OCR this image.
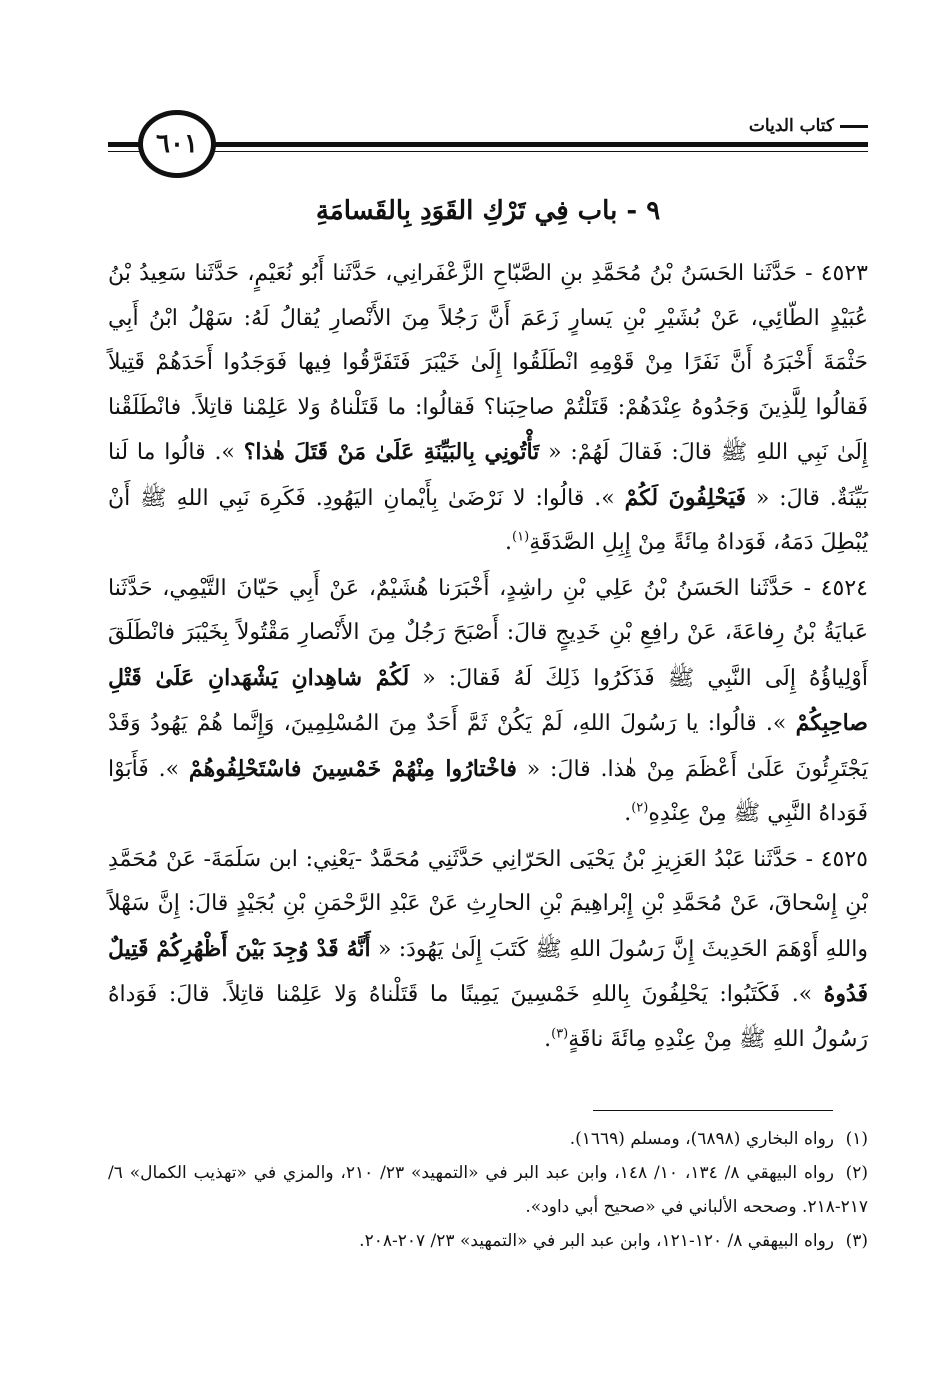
كتاب الديات
٦٠١
٩ - باب فِي تَرْكِ القَوَدِ بِالقَسامَةِ

٤٥٢٣ - حَدَّثَنا الحَسَنُ بْنُ مُحَمَّدِ بنِ الصَّبّاحِ الزَّعْفَرانِي، حَدَّثَنا أَبُو نُعَيْمٍ، حَدَّثَنا سَعِيدُ بْنُ عُبَيْدٍ الطّائِي، عَنْ بُشَيْرِ بْنِ يَسارٍ زَعَمَ أَنَّ رَجُلاً مِنَ الأَنْصارِ يُقالُ لَهُ: سَهْلُ ابْنُ أَبِي حَثْمَةَ أَخْبَرَهُ أَنَّ نَفَرًا مِنْ قَوْمِهِ انْطَلَقُوا إِلَىٰ خَيْبَرَ فَتَفَرَّقُوا فِيها فَوَجَدُوا أَحَدَهُمْ قَتِيلاً فَقالُوا لِلَّذِينَ وَجَدُوهُ عِنْدَهُمْ: قَتَلْتُمْ صاحِبَنا؟ فَقالُوا: ما قَتَلْناهُ وَلا عَلِمْنا قاتِلاً. فانْطَلَقْنا إِلَىٰ نَبِي اللهِ ﷺ قالَ: فَقالَ لَهُمْ: « تَأْتُونِي بِالبَيِّنَةِ عَلَىٰ مَنْ قَتَلَ هٰذا؟ ». قالُوا ما لَنا بَيِّنَةٌ. قالَ: « فَيَحْلِفُونَ لَكُمْ ». قالُوا: لا نَرْضَىٰ بِأَيْمانِ اليَهُودِ. فَكَرِهَ نَبِي اللهِ ﷺ أَنْ يُبْطِلَ دَمَهُ، فَوَداهُ مِائَةً مِنْ إِبِلِ الصَّدَقَةِ$^{(١)}$.

٤٥٢٤ - حَدَّثَنا الحَسَنُ بْنُ عَلِي بْنِ راشِدٍ، أَخْبَرَنا هُشَيْمٌ، عَنْ أَبِي حَيّانَ التَّيْمِي، حَدَّثَنا عَبايَةُ بْنُ رِفاعَةَ، عَنْ رافِعِ بْنِ خَدِيجٍ قالَ: أَصْبَحَ رَجُلٌ مِنَ الأَنْصارِ مَقْتُولاً بِخَيْبَرَ فانْطَلَقَ أَوْلِياؤُهُ إِلَى النَّبِي ﷺ فَذَكَرُوا ذَلِكَ لَهُ فَقالَ: « لَكُمْ شاهِدانِ يَشْهَدانِ عَلَىٰ قَتْلِ صاحِبِكُمْ ». قالُوا: يا رَسُولَ اللهِ، لَمْ يَكُنْ ثَمَّ أَحَدٌ مِنَ المُسْلِمِينَ، وَإِنَّما هُمْ يَهُودُ وَقَدْ يَجْتَرِئُونَ عَلَىٰ أَعْظَمَ مِنْ هٰذا. قالَ: « فاخْتارُوا مِنْهُمْ خَمْسِينَ فاسْتَحْلِفُوهُمْ ». فَأَبَوْا فَوَداهُ النَّبِي ﷺ مِنْ عِنْدِهِ$^{(٢)}$.

٤٥٢٥ - حَدَّثَنا عَبْدُ العَزِيزِ بْنُ يَحْيَى الحَرّانِي حَدَّثَنِي مُحَمَّدٌ -يَعْنِي: ابن سَلَمَةَ- عَنْ مُحَمَّدِ بْنِ إِسْحاقَ، عَنْ مُحَمَّدِ بْنِ إِبْراهِيمَ بْنِ الحارِثِ عَنْ عَبْدِ الرَّحْمَنِ بْنِ بُجَيْدٍ قالَ: إِنَّ سَهْلاً واللهِ أَوْهَمَ الحَدِيثَ إِنَّ رَسُولَ اللهِ ﷺ كَتَبَ إِلَىٰ يَهُودَ: « أَنَّهُ قَدْ وُجِدَ بَيْنَ أَظْهُرِكُمْ قَتِيلٌ فَدُوهُ ». فَكَتَبُوا: يَحْلِفُونَ بِاللهِ خَمْسِينَ يَمِينًا ما قَتَلْناهُ وَلا عَلِمْنا قاتِلاً. قالَ: فَوَداهُ رَسُولُ اللهِ ﷺ مِنْ عِنْدِهِ مِائَةَ ناقَةٍ$^{(٣)}$.

(١)رواه البخاري (٦٨٩٨)، ومسلم (١٦٦٩).

(٢)رواه البيهقي ٨/ ١٣٤، ١٠/ ١٤٨، وابن عبد البر في «التمهيد» ٢٣/ ٢١٠، والمزي في «تهذيب الكمال» ٦/ ٢١٧-٢١٨. وصححه الألباني في «صحيح أبي داود».

(٣)رواه البيهقي ٨/ ١٢٠-١٢١، وابن عبد البر في «التمهيد» ٢٣/ ٢٠٧-٢٠٨.
